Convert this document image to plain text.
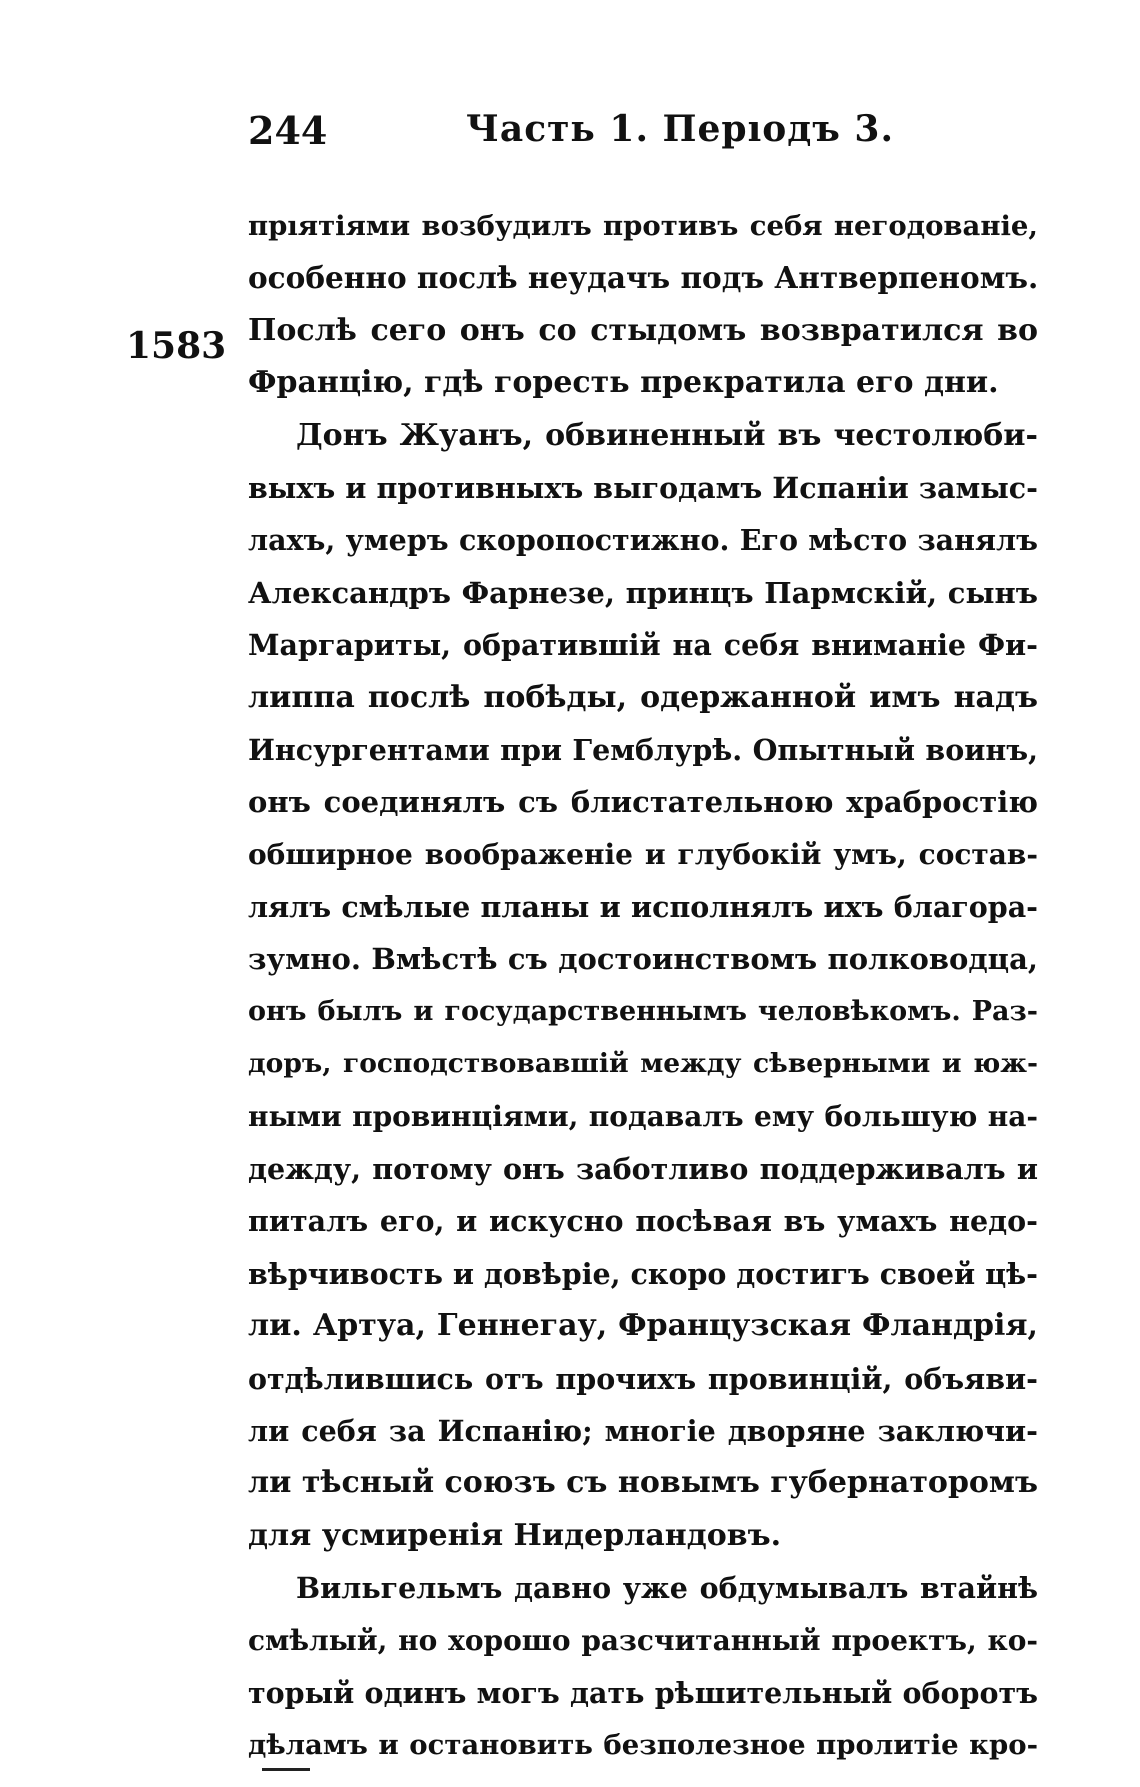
244	Часть 1. Перıодъ 3.
1583
прıятiями возбудилъ противъ себя негодованiе,
особенно послѣ неудачъ подъ Антверпеномъ.
Послѣ сего онъ со стыдомъ возвратился во
Францiю, гдѣ горесть прекратила его дни.
Донъ Жуанъ, обвиненный въ честолюби-
выхъ и противныхъ выгодамъ Испанiи замыс-
лахъ, умеръ скоропостижно. Его мѣсто занялъ
Александръ Фарнезе, принцъ Пармскiй, сынъ
Маргариты, обратившiй на себя вниманiе Фи-
липпа послѣ побѣды, одержанной имъ надъ
Инсургентами при Гемблурѣ. Опытный воинъ,
онъ соединялъ съ блистательною храбростiю
обширное воображенiе и глубокiй умъ, состав-
лялъ смѣлые планы и исполнялъ ихъ благора-
зумно. Вмѣстѣ съ достоинствомъ полководца,
онъ былъ и государственнымъ человѣкомъ. Раз-
доръ, господствовавшiй между сѣверными и юж-
ными провинцiями, подавалъ ему большую на-
дежду, потому онъ заботливо поддерживалъ и
питалъ его, и искусно посѣвая въ умахъ недо-
вѣрчивость и довѣрiе, скоро достигъ своей цѣ-
ли. Артуа, Геннегау, Французская Фландрiя,
отдѣлившись отъ прочихъ провинцiй, объяви-
ли себя за Испанiю; многiе дворяне заключи-
ли тѣсный союзъ съ новымъ губернаторомъ
для усмиренiя Нидерландовъ.
Вильгельмъ давно уже обдумывалъ втайнѣ
смѣлый, но хорошо разсчитанный проектъ, ко-
торый одинъ могъ дать рѣшительный оборотъ
дѣламъ и остановить безполезное пролитiе кро-
